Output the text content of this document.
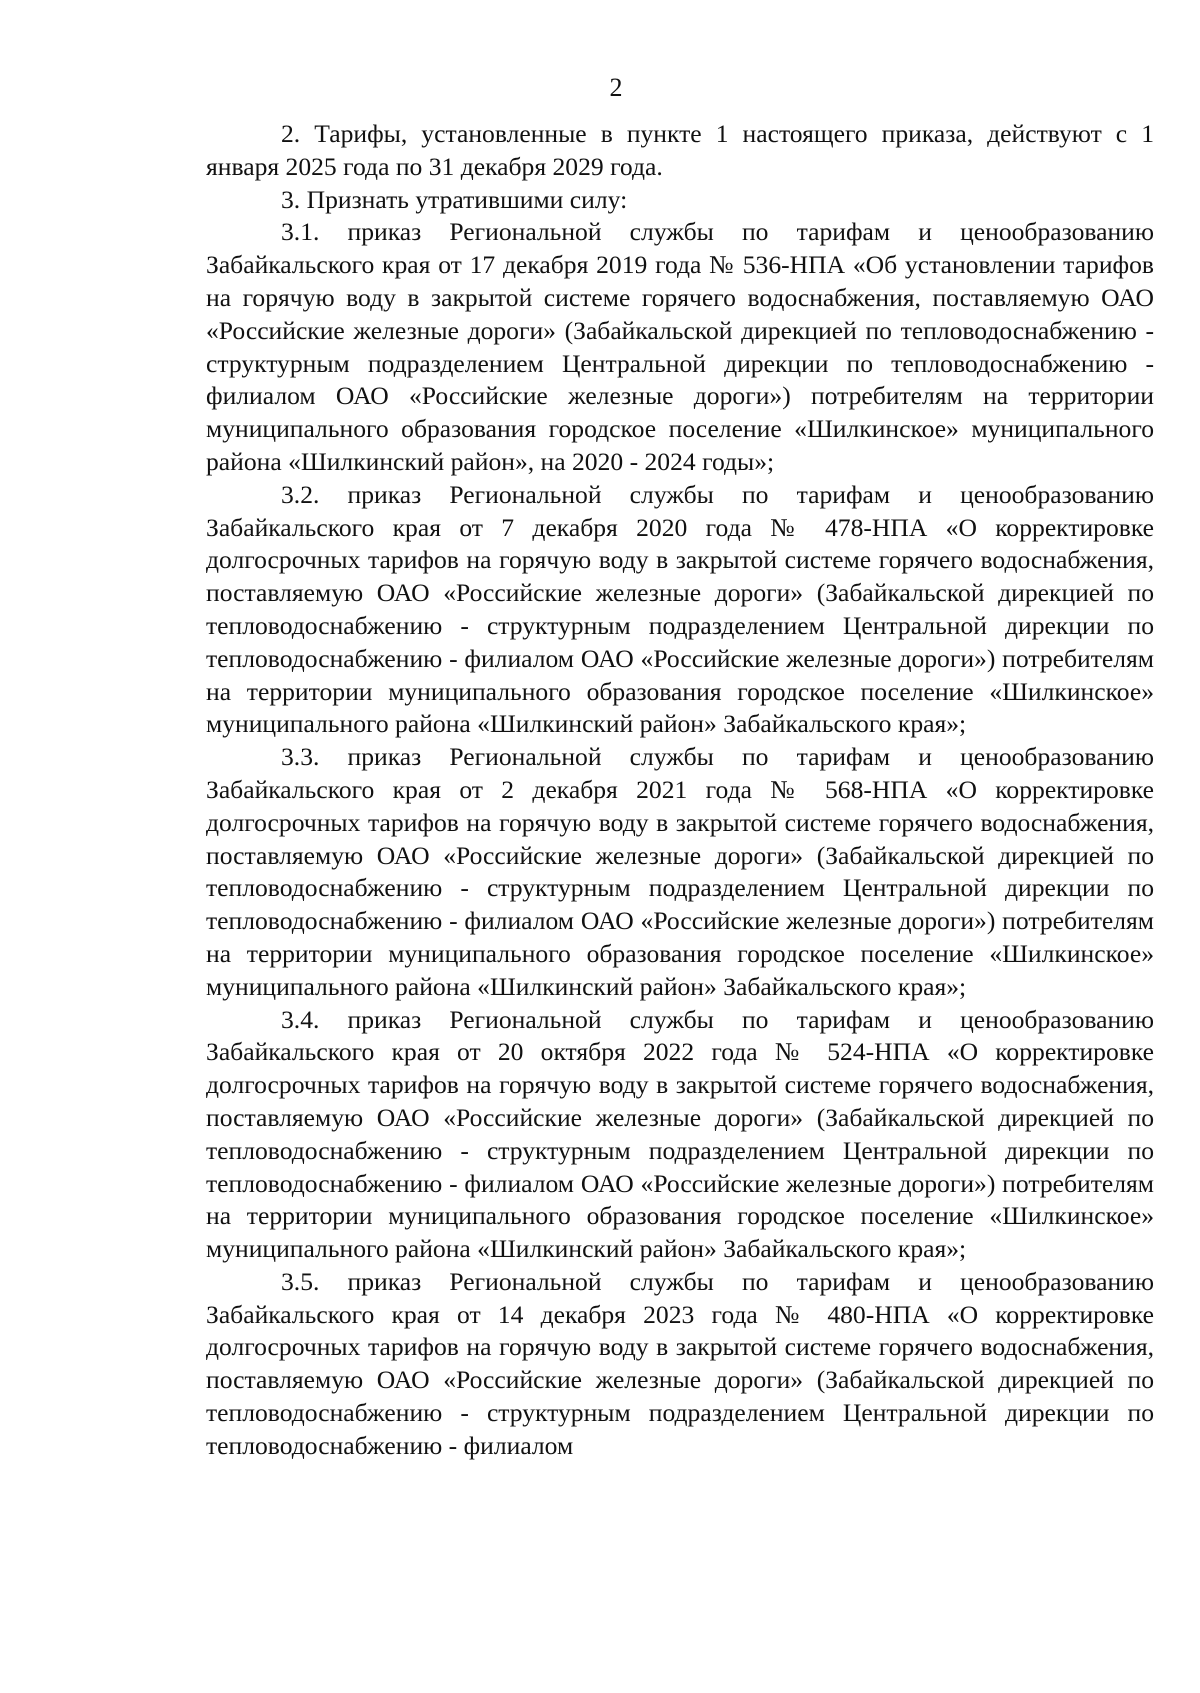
2

2. Тарифы, установленные в пункте 1 настоящего приказа, действуют с 1 января 2025 года по 31 декабря 2029 года.

3. Признать утратившими силу:

3.1. приказ Региональной службы по тарифам и ценообразованию Забайкальского края от 17 декабря 2019 года № 536-НПА «Об установлении тарифов на горячую воду в закрытой системе горячего водоснабжения, поставляемую ОАО «Российские железные дороги» (Забайкальской дирекцией по тепловодоснабжению - структурным подразделением Центральной дирекции по тепловодоснабжению - филиалом ОАО «Российские железные дороги») потребителям на территории муниципального образования городское поселение «Шилкинское» муниципального района «Шилкинский район», на 2020 - 2024 годы»;

3.2. приказ Региональной службы по тарифам и ценообразованию Забайкальского края от 7 декабря 2020 года № 478-НПА «О корректировке долгосрочных тарифов на горячую воду в закрытой системе горячего водоснабжения, поставляемую ОАО «Российские железные дороги» (Забайкальской дирекцией по тепловодоснабжению - структурным подразделением Центральной дирекции по тепловодоснабжению - филиалом ОАО «Российские железные дороги») потребителям на территории муниципального образования городское поселение «Шилкинское» муниципального района «Шилкинский район» Забайкальского края»;

3.3. приказ Региональной службы по тарифам и ценообразованию Забайкальского края от 2 декабря 2021 года № 568-НПА «О корректировке долгосрочных тарифов на горячую воду в закрытой системе горячего водоснабжения, поставляемую ОАО «Российские железные дороги» (Забайкальской дирекцией по тепловодоснабжению - структурным подразделением Центральной дирекции по тепловодоснабжению - филиалом ОАО «Российские железные дороги») потребителям на территории муниципального образования городское поселение «Шилкинское» муниципального района «Шилкинский район» Забайкальского края»;

3.4. приказ Региональной службы по тарифам и ценообразованию Забайкальского края от 20 октября 2022 года № 524-НПА «О корректировке долгосрочных тарифов на горячую воду в закрытой системе горячего водоснабжения, поставляемую ОАО «Российские железные дороги» (Забайкальской дирекцией по тепловодоснабжению - структурным подразделением Центральной дирекции по тепловодоснабжению - филиалом ОАО «Российские железные дороги») потребителям на территории муниципального образования городское поселение «Шилкинское» муниципального района «Шилкинский район» Забайкальского края»;

3.5. приказ Региональной службы по тарифам и ценообразованию Забайкальского края от 14 декабря 2023 года № 480-НПА «О корректировке долгосрочных тарифов на горячую воду в закрытой системе горячего водоснабжения, поставляемую ОАО «Российские железные дороги» (Забайкальской дирекцией по тепловодоснабжению - структурным подразделением Центральной дирекции по тепловодоснабжению - филиалом
